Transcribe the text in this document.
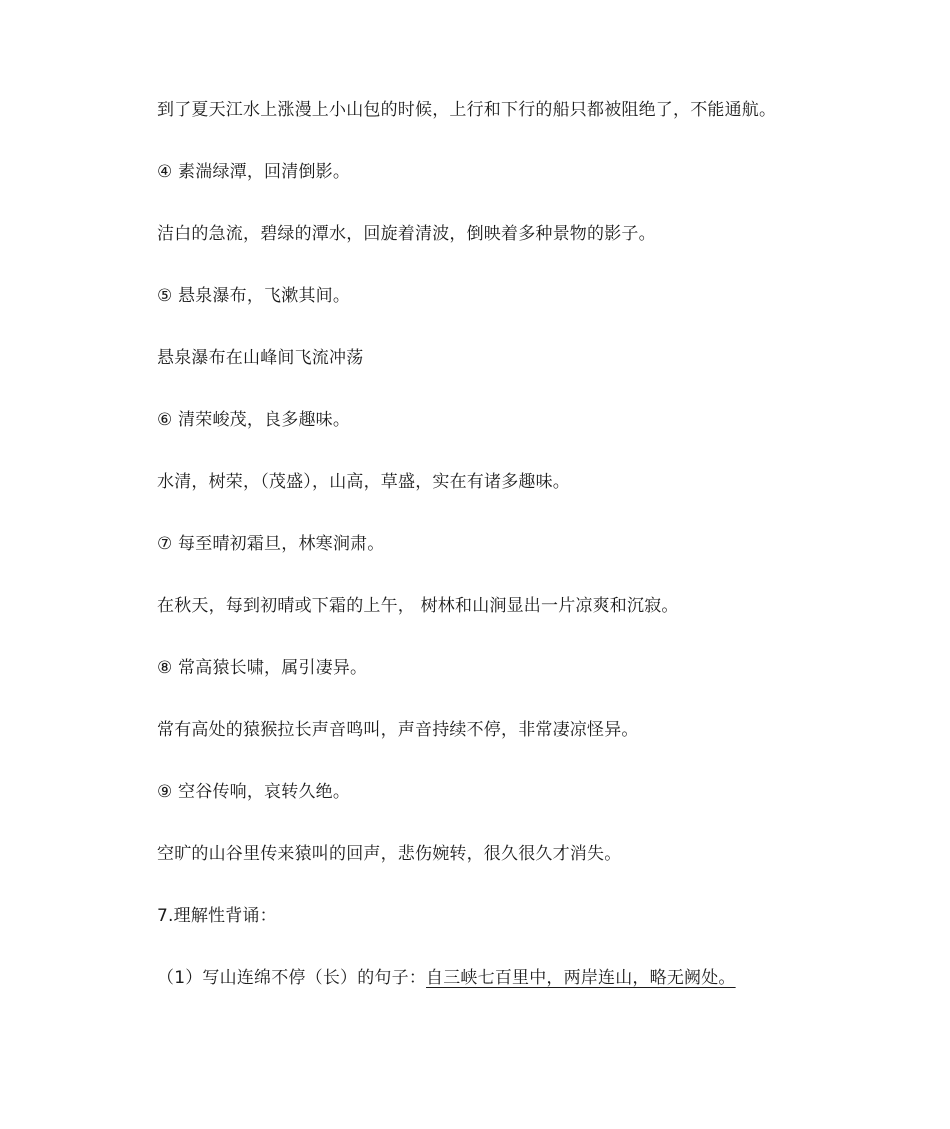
到了夏天江水上涨漫上小山包的时候，上行和下行的船只都被阻绝了，不能通航。
④ 素湍绿潭，回清倒影。
洁白的急流，碧绿的潭水，回旋着清波，倒映着多种景物的影子。
⑤ 悬泉瀑布，飞漱其间。
悬泉瀑布在山峰间飞流冲荡
⑥ 清荣峻茂，良多趣味。
水清，树荣，（茂盛），山高，草盛，实在有诸多趣味。
⑦ 每至晴初霜旦，林寒涧肃。
在秋天，每到初晴或下霜的上午， 树林和山涧显出一片凉爽和沉寂。
⑧ 常高猿长啸，属引凄异。
常有高处的猿猴拉长声音鸣叫，声音持续不停，非常凄凉怪异。
⑨ 空谷传响，哀转久绝。
空旷的山谷里传来猿叫的回声，悲伤婉转，很久很久才消失。
7.理解性背诵：
（1）写山连绵不停（长）的句子：自三峡七百里中，两岸连山，略无阙处。
